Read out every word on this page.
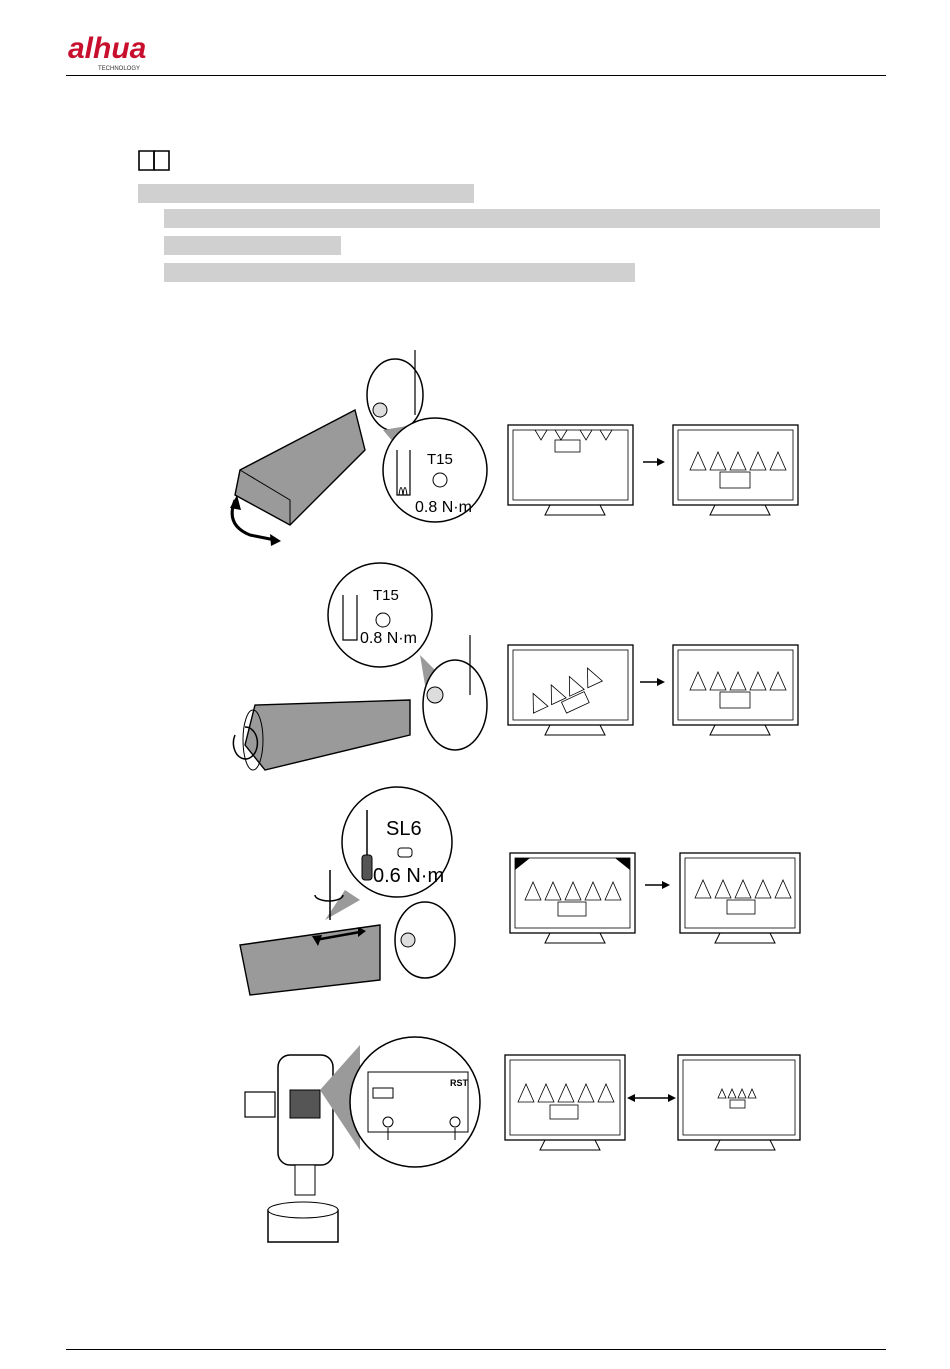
alhua
TECHNOLOGY
T15
0.8 N·m
T15
0.8 N·m
SL6
0.6 N·m
RST
